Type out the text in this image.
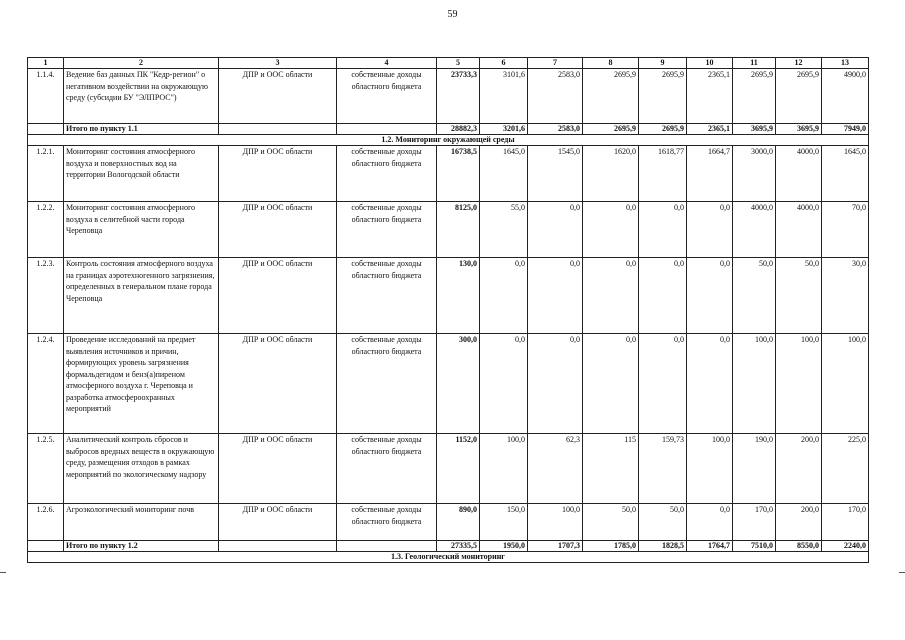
59
1	2	3	4	5	6	7	8	9	10	11	12	13
1.1.4.	Ведение баз данных ПК "Кедр-регион" о негативном воздействии на окружающую среду (субсидии БУ "ЭЛПРОС")	ДПР и ООС области	собственные доходы областного бюджета	23733,3	3101,6	2583,0	2695,9	2695,9	2365,1	2695,9	2695,9	4900,0
	Итого по пункту 1.1			28882,3	3201,6	2583,0	2695,9	2695,9	2365,1	3695,9	3695,9	7949,0
1.2. Мониторинг окружающей среды												
1.2.1.	Мониторинг состояния атмосферного воздуха и поверхностных вод на территории Вологодской области	ДПР и ООС области	собственные доходы областного бюджета	16738,5	1645,0	1545,0	1620,0	1618,77	1664,7	3000,0	4000,0	1645,0
1.2.2.	Мониторинг состояния атмосферного воздуха в селитебной части города Череповца	ДПР и ООС области	собственные доходы областного бюджета	8125,0	55,0	0,0	0,0	0,0	0,0	4000,0	4000,0	70,0
1.2.3.	Контроль состояния атмосферного воздуха на границах аэротехногенного загрязнения, определенных в генеральном плане города Череповца	ДПР и ООС области	собственные доходы областного бюджета	130,0	0,0	0,0	0,0	0,0	0,0	50,0	50,0	30,0
1.2.4.	Проведение исследований на предмет выявления источников и причин, формирующих уровень загрязнения формальдегидом и бенз(а)пиреном атмосферного воздуха г. Череповца и разработка атмосфероохранных мероприятий	ДПР и ООС области	собственные доходы областного бюджета	300,0	0,0	0,0	0,0	0,0	0,0	100,0	100,0	100,0
1.2.5.	Аналитический контроль сбросов и выбросов вредных веществ в окружающую среду, размещения отходов в рамках мероприятий по экологическому надзору	ДПР и ООС области	собственные доходы областного бюджета	1152,0	100,0	62,3	115	159,73	100,0	190,0	200,0	225,0
1.2.6.	Агроэкологический мониторинг почв	ДПР и ООС области	собственные доходы областного бюджета	890,0	150,0	100,0	50,0	50,0	0,0	170,0	200,0	170,0
	Итого по пункту 1.2			27335,5	1950,0	1707,3	1785,0	1828,5	1764,7	7510,0	8550,0	2240,0
1.3. Геологический мониторинг												
